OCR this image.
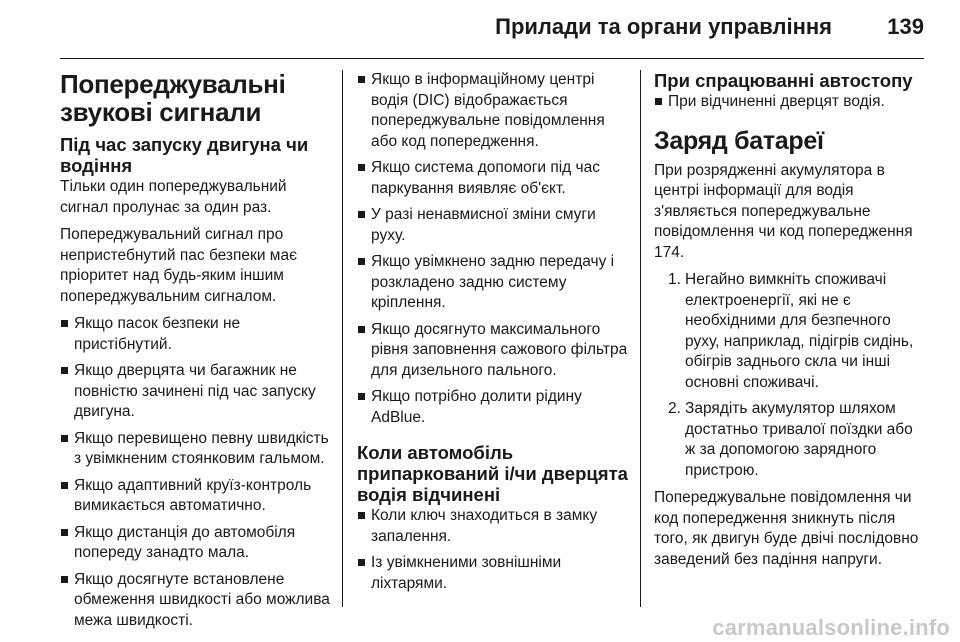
Прилади та органи управління	139
Попереджувальні звукові сигнали
Під час запуску двигуна чи водіння

Тільки один попереджувальний сигнал пролунає за один раз.

Попереджувальний сигнал про непристебнутий пас безпеки має пріоритет над будь-яким іншим попереджувальним сигналом.

Якщо пасок безпеки не пристібнутий.
Якщо дверцята чи багажник не повністю зачинені під час запуску двигуна.
Якщо перевищено певну швидкість з увімкненим стоянковим гальмом.
Якщо адаптивний круїз-контроль вимикається автоматично.
Якщо дистанція до автомобіля попереду занадто мала.
Якщо досягнуте встановлене обмеження швидкості або можлива межа швидкості.
Якщо в інформаційному центрі водія (DIC) відображається попереджувальне повідомлення або код попередження.
Якщо система допомоги під час паркування виявляє об'єкт.
У разі ненавмисної зміни смуги руху.
Якщо увімкнено задню передачу і розкладено задню систему кріплення.
Якщо досягнуто максимального рівня заповнення сажового фільтра для дизельного пального.
Якщо потрібно долити рідину AdBlue.
Коли автомобіль припаркований і/чи дверцята водія відчинені
Коли ключ знаходиться в замку запалення.
Із увімкненими зовнішніми ліхтарями.
При спрацюванні автостопу
При відчиненні дверцят водія.
Заряд батареї

При розрядженні акумулятора в центрі інформації для водія з'являється попереджувальне повідомлення чи код попередження 174.

1. Негайно вимкніть споживачі електроенергії, які не є необхідними для безпечного руху, наприклад, підігрів сидінь, обігрів заднього скла чи інші основні споживачі.
2. Зарядіть акумулятор шляхом достатньо тривалої поїздки або ж за допомогою зарядного пристрою.

Попереджувальне повідомлення чи код попередження зникнуть після того, як двигун буде двічі послідовно заведений без падіння напруги.

carmanualsonline.info
